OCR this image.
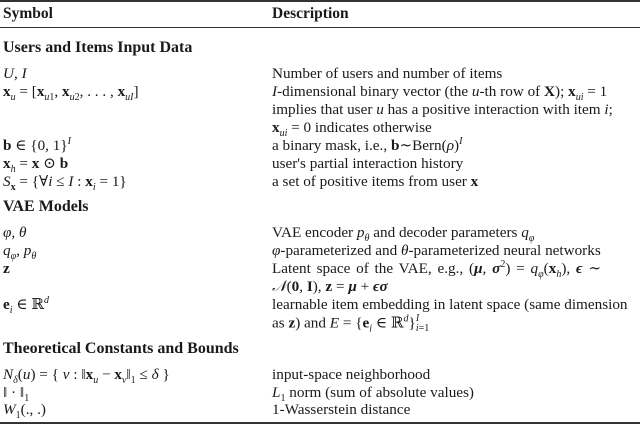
Symbol	Description
Users and Items Input Data
U, I	Number of users and number of items
$x_u = [x_{u1}$, $x_{u2}$, . . . , $x_{uI}$]	I-dimensional binary vector (the u-th row of X); $x_{ui} = 1$
implies that user u has a positive interaction with item i;
$x_{ui} = 0$ indicates otherwise
b ∈ {0, 1}$^I$	a binary mask, i.e., $b\sim Bern(\rho)^I$
$x_h = x$ ⊙ b	user's partial interaction history
$S_x$ = {∀i ≤ I : $x_i = 1$}	a set of positive items from user x
VAE Models
φ, θ	VAE encoder $p_\theta$ and decoder parameters $q_\varphi$
$q_\varphi$, $p_\theta$	φ-parameterized and θ-parameterized neural networks
z	Latent space of the VAE, e.g., (μ, $\sigma^2) = q_\varphi(x_h)$, ϵ ∼
𝒩(0, I), z = μ + ϵσ
$e_i$ ∈ ℝ$^d$	learnable item embedding in latent space (same dimension
as z) and $E = \{e_i$ ∈ ℝ$^d$}I
i=1
Theoretical Constants and Bounds
$N_\delta(u)$ = { v : $‖x_u$ − $x_v‖_1 \le \delta$ }	input-space neighborhood
‖ · $‖_1$	$L_1$ norm (sum of absolute values)
$W_1$(., .)	1-Wasserstein distance
